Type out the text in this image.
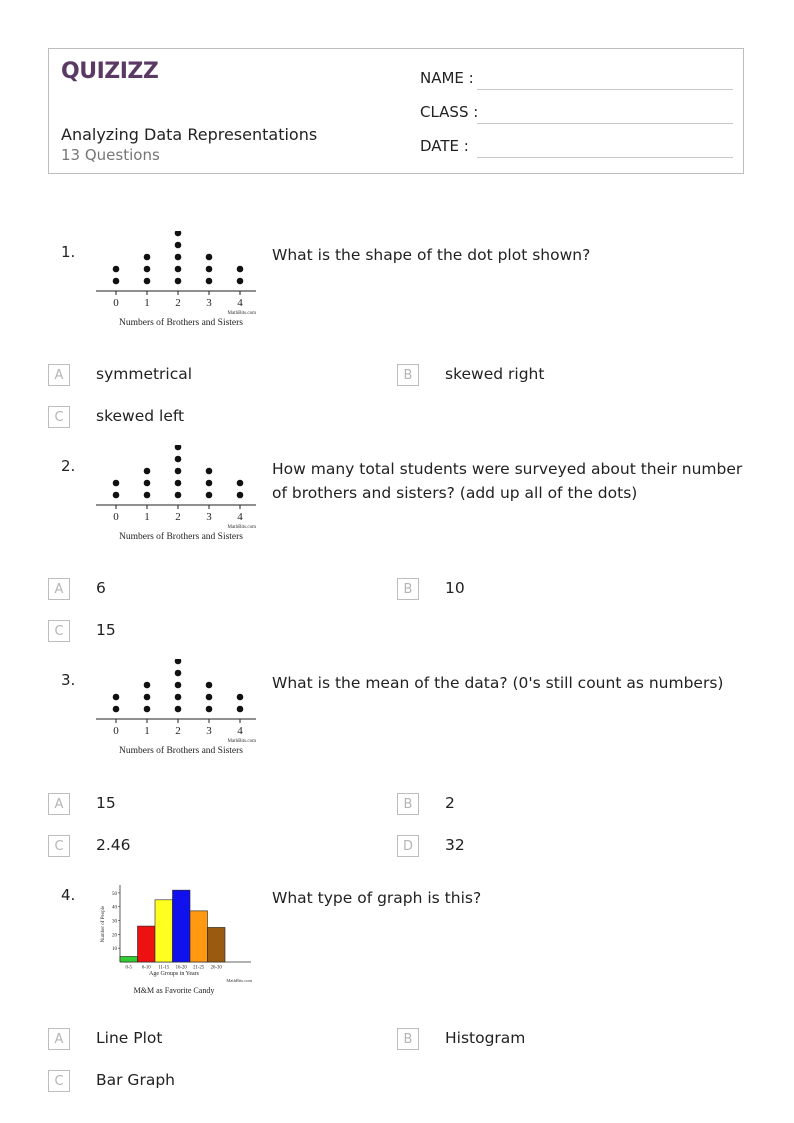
QUIZIZZ
Analyzing Data Representations
13 Questions
NAME :
CLASS :
DATE :
1.
0 1 2 3 4
MathBits.com
Numbers of Brothers and Sisters
What is the shape of the dot plot shown?
A	symmetrical	B	skewed right
C	skewed left
2.
0 1 2 3 4
MathBits.com
Numbers of Brothers and Sisters
How many total students were surveyed about their number of brothers and sisters? (add up all of the dots)
A	6	B	10
C	15
3.
0 1 2 3 4
MathBits.com
Numbers of Brothers and Sisters
What is the mean of the data? (0's still count as numbers)
A	15	B	2
C	2.46	D	32
4.
10
20
30
40
50
0-5 6-10 11-15 16-20 21-25 26-30
Number of People
Age Groups in Years
MathBits.com
M&M as Favorite Candy
What type of graph is this?
A	Line Plot	B	Histogram
C	Bar Graph
